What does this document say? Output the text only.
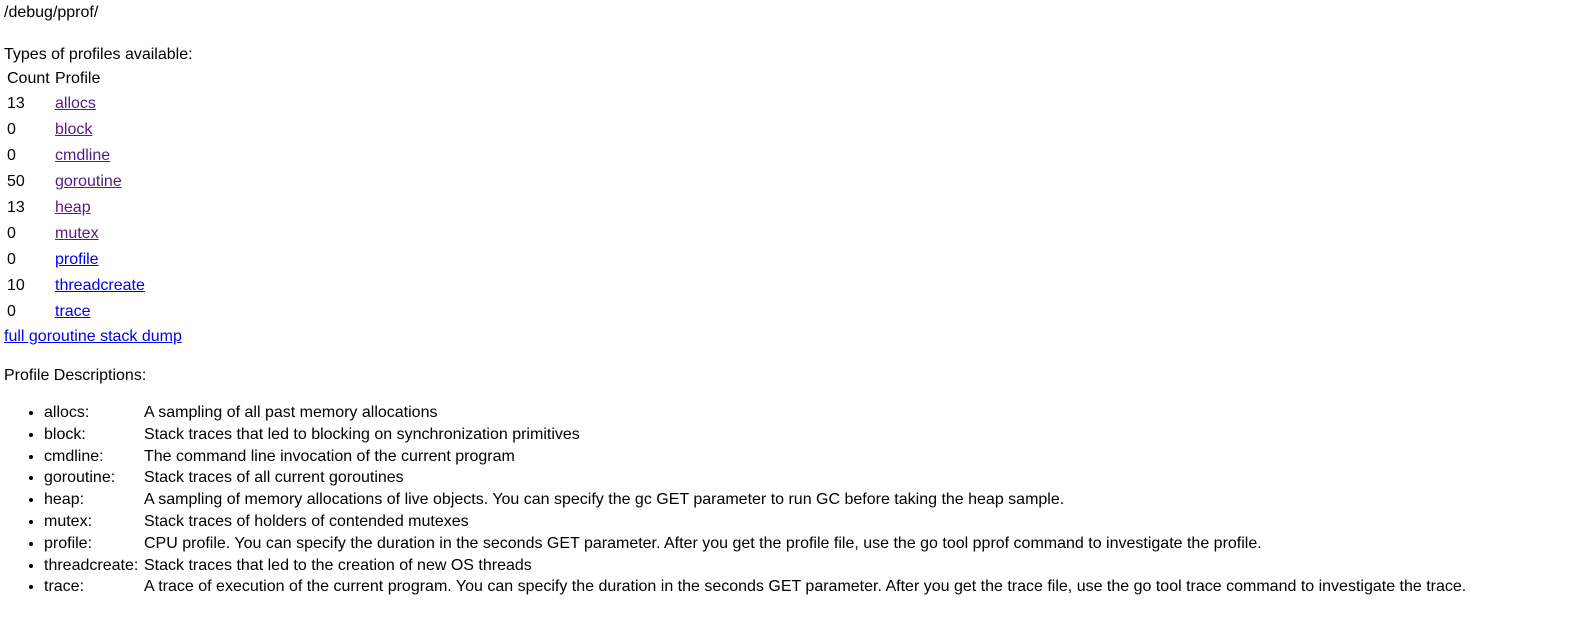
/debug/pprof/
Types of profiles available:
Count	Profile
13	allocs
0	block
0	cmdline
50	goroutine
13	heap
0	mutex
0	profile
10	threadcreate
0	trace
full goroutine stack dump
Profile Descriptions:
• allocs:	A sampling of all past memory allocations
• block:	Stack traces that led to blocking on synchronization primitives
• cmdline:	The command line invocation of the current program
• goroutine: Stack traces of all current goroutines
• heap:	A sampling of memory allocations of live objects. You can specify the gc GET parameter to run GC before taking the heap sample.
• mutex:	Stack traces of holders of contended mutexes
• profile:	CPU profile. You can specify the duration in the seconds GET parameter. After you get the profile file, use the go tool pprof command to investigate the profile.
• threadcreate: Stack traces that led to the creation of new OS threads
• trace:	A trace of execution of the current program. You can specify the duration in the seconds GET parameter. After you get the trace file, use the go tool trace command to investigate the trace.
